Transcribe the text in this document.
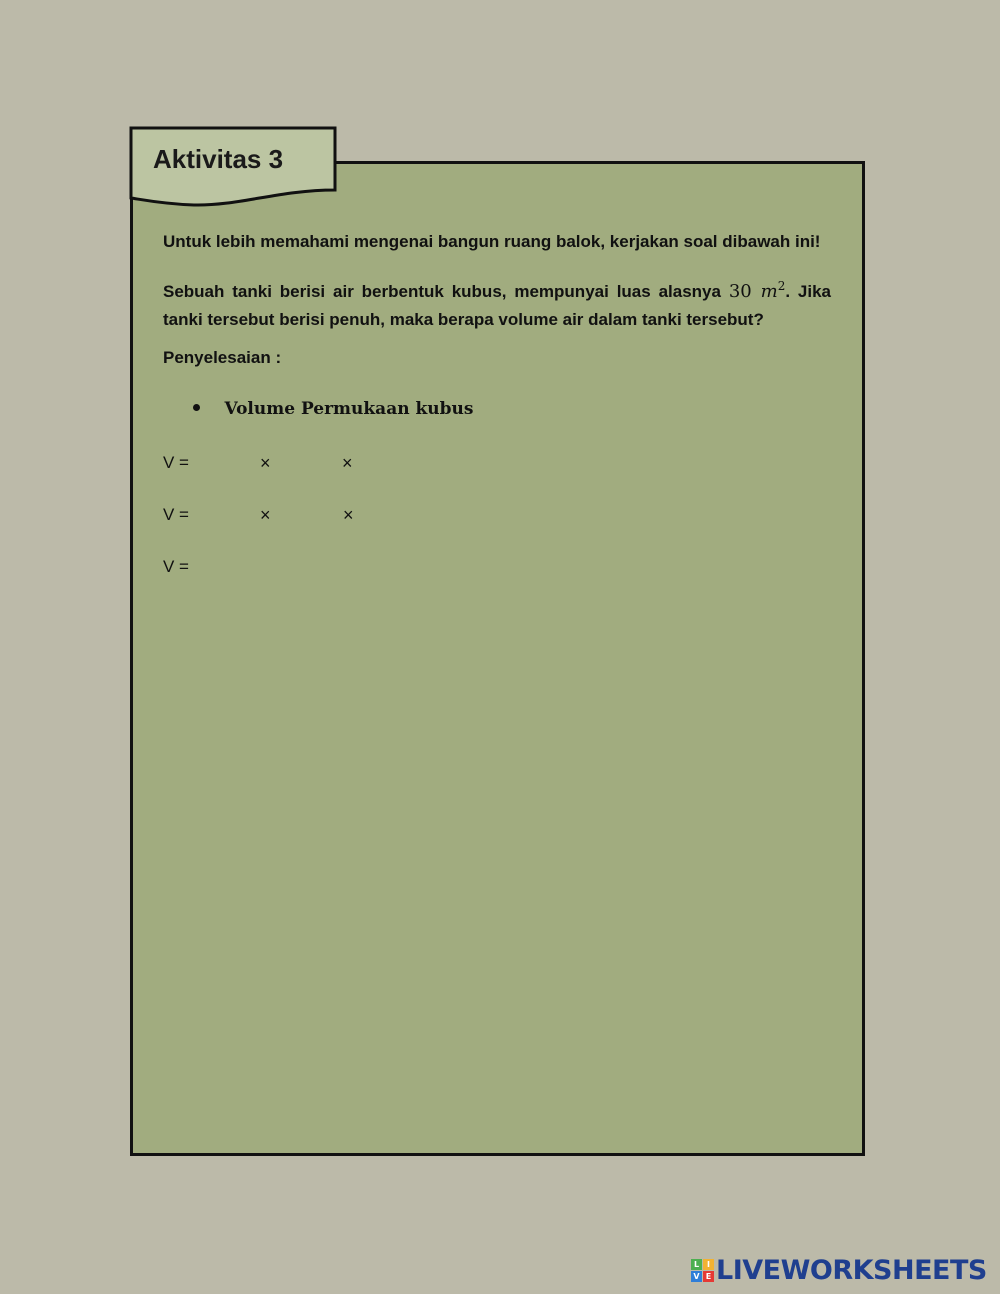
Aktivitas 3
Untuk lebih memahami mengenai bangun ruang balok, kerjakan soal dibawah ini!
Sebuah tanki berisi air berbentuk kubus, mempunyai luas alasnya 30 $m^2$. Jika tanki tersebut berisi penuh, maka berapa volume air dalam tanki tersebut?
Penyelesaian :
Volume Permukaan kubus
V =	×	×
V =	×	×
V =
L I
V E LIVEWORKSHEETS
